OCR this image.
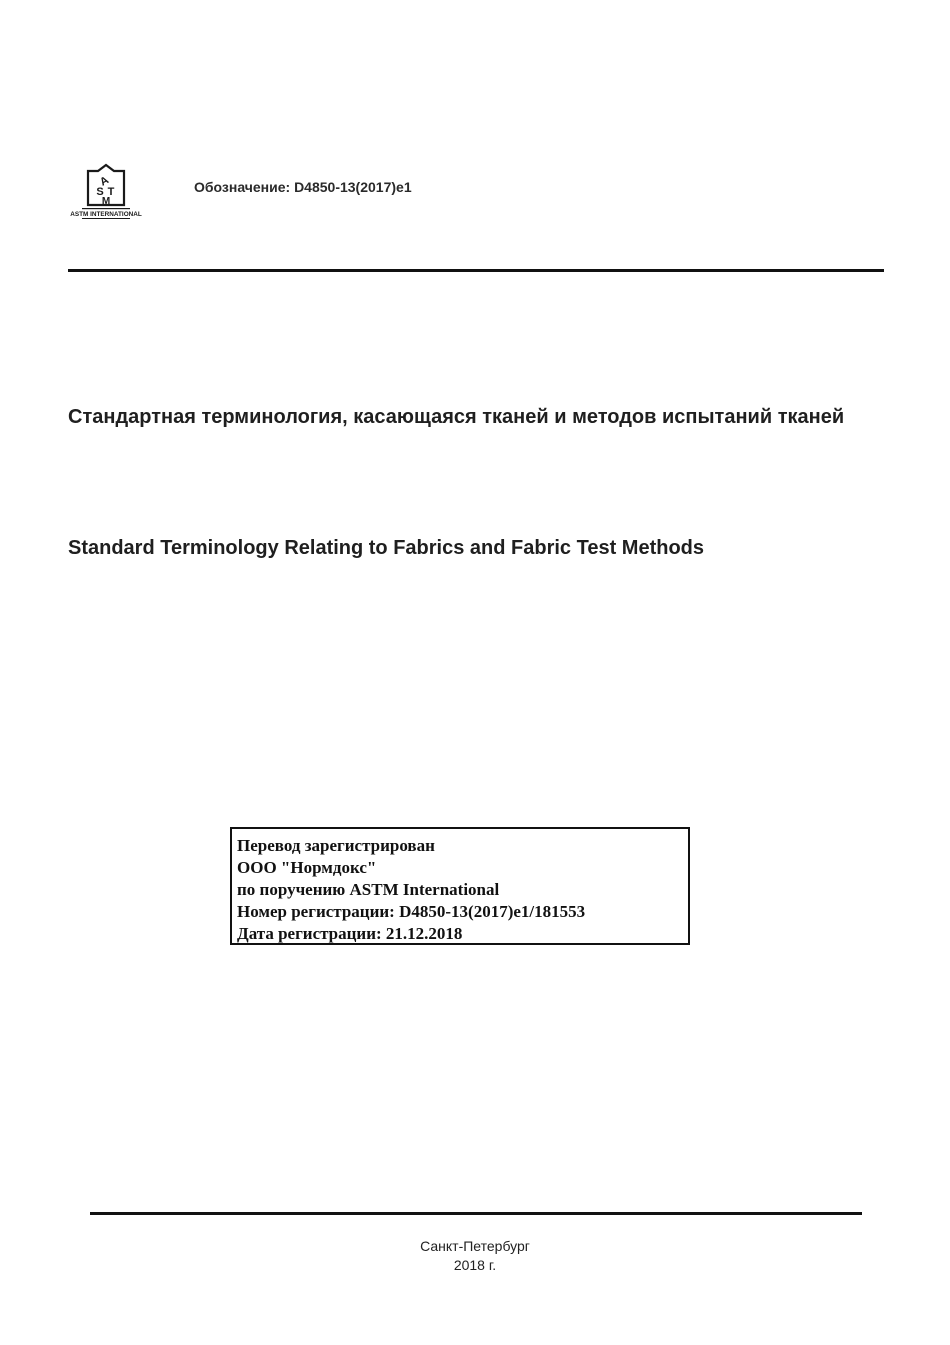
A
S T
M
ASTM INTERNATIONAL
Обозначение: D4850-13(2017)e1
Стандартная терминология, касающаяся тканей и методов испытаний тканей
Standard Terminology Relating to Fabrics and Fabric Test Methods
Перевод зарегистрирован
ООО "Нормдокс"
по поручению ASTM International
Номер регистрации: D4850-13(2017)e1/181553
Дата регистрации: 21.12.2018
Санкт-Петербург
2018 г.
